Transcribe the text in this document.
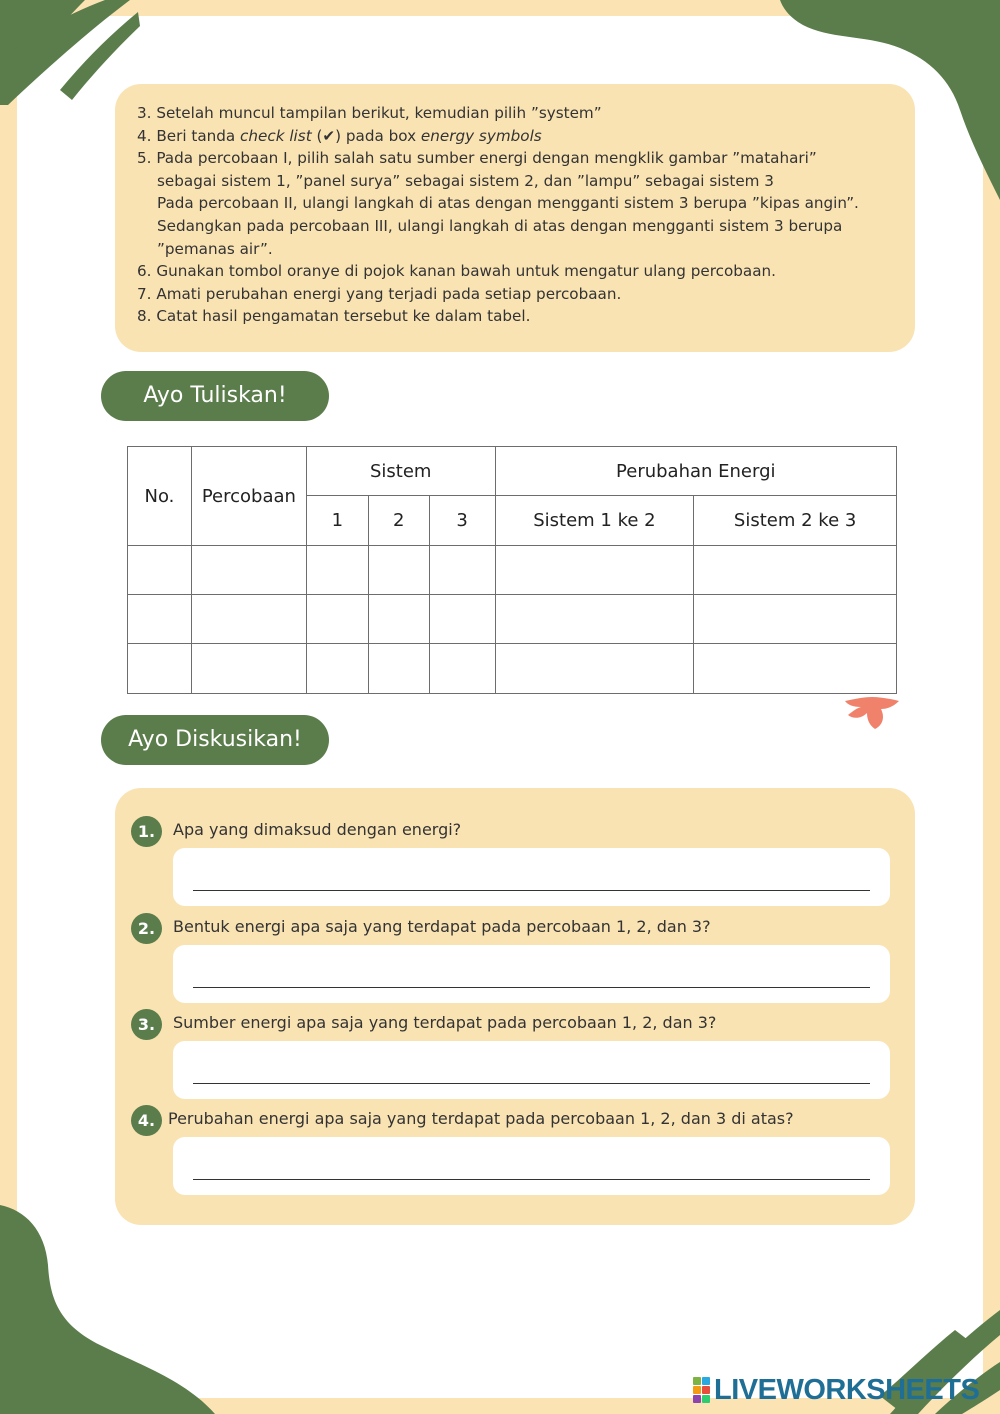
3. Setelah muncul tampilan berikut, kemudian pilih ”system”
4. Beri tanda check list (✔) pada box energy symbols
5. Pada percobaan I, pilih salah satu sumber energi dengan mengklik gambar ”matahari”
sebagai sistem 1, ”panel surya” sebagai sistem 2, dan ”lampu” sebagai sistem 3
Pada percobaan II, ulangi langkah di atas dengan mengganti sistem 3 berupa ”kipas angin”.
Sedangkan pada percobaan III, ulangi langkah di atas dengan mengganti sistem 3 berupa
”pemanas air”.
6. Gunakan tombol oranye di pojok kanan bawah untuk mengatur ulang percobaan.
7. Amati perubahan energi yang terjadi pada setiap percobaan.
8. Catat hasil pengamatan tersebut ke dalam tabel.
Ayo Tuliskan!
No.	Percobaan	Sistem			Perubahan Energi	
		1	2	3	Sistem 1 ke 2	Sistem 2 ke 3

Ayo Diskusikan!
1.	Apa yang dimaksud dengan energi?
2.	Bentuk energi apa saja yang terdapat pada percobaan 1, 2, dan 3?
3.	Sumber energi apa saja yang terdapat pada percobaan 1, 2, dan 3?
4. Perubahan energi apa saja yang terdapat pada percobaan 1, 2, dan 3 di atas?
LIVEWORKSHEETS
